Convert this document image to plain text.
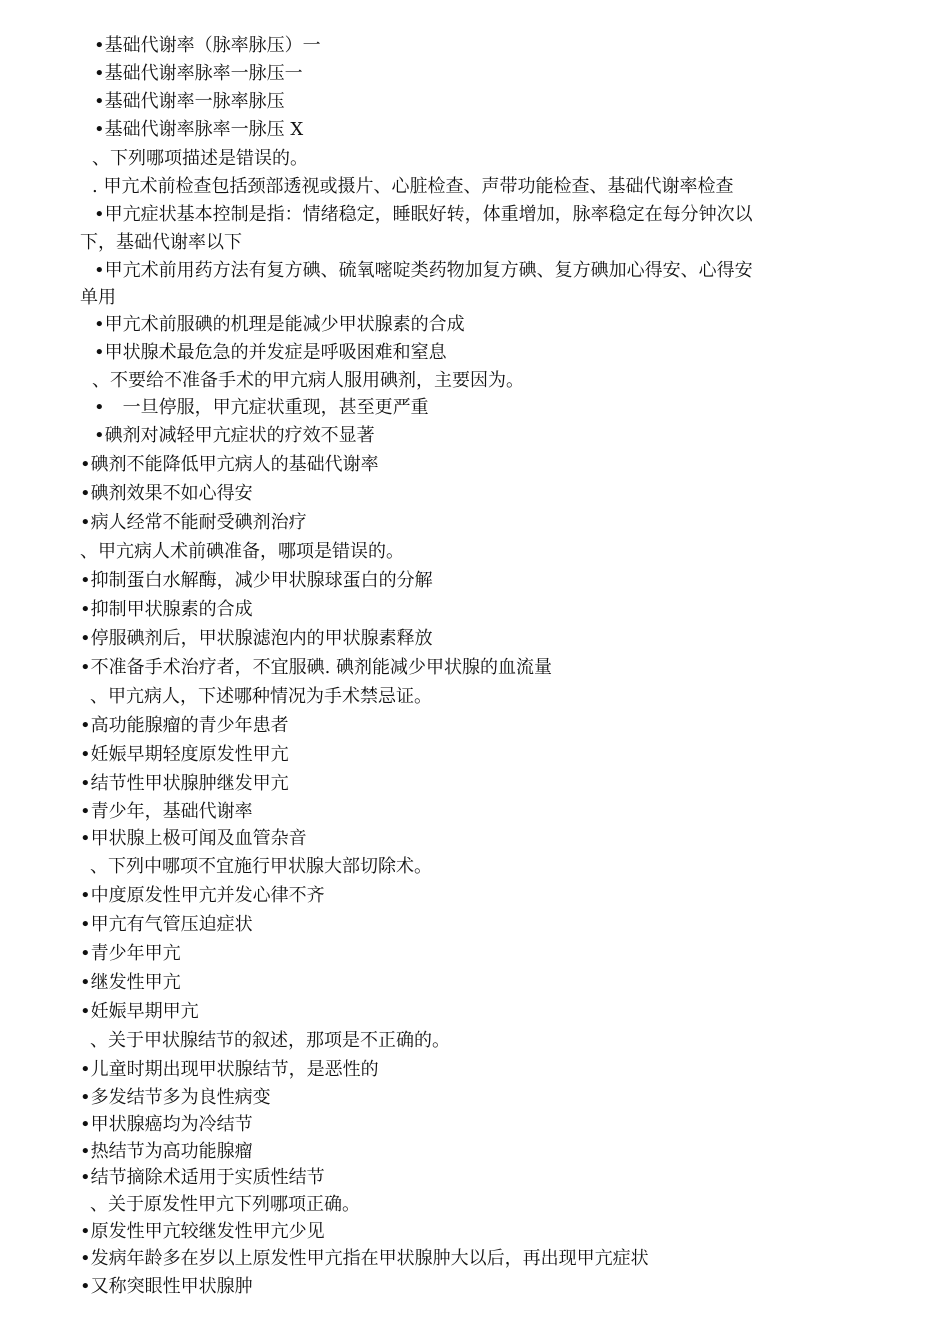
•基础代谢率（脉率脉压）一
•基础代谢率脉率一脉压一
•基础代谢率一脉率脉压
•基础代谢率脉率一脉压 X
、下列哪项描述是错误的。
. 甲亢术前检查包括颈部透视或摄片、心脏检查、声带功能检查、基础代谢率检查
•甲亢症状基本控制是指：情绪稳定，睡眠好转，体重增加，脉率稳定在每分钟次以
下，基础代谢率以下
•甲亢术前用药方法有复方碘、硫氧嘧啶类药物加复方碘、复方碘加心得安、心得安
单用
•甲亢术前服碘的机理是能减少甲状腺素的合成
•甲状腺术最危急的并发症是呼吸困难和窒息
、不要给不准备手术的甲亢病人服用碘剂，主要因为。
•　一旦停服，甲亢症状重现，甚至更严重
•碘剂对减轻甲亢症状的疗效不显著
•碘剂不能降低甲亢病人的基础代谢率
•碘剂效果不如心得安
•病人经常不能耐受碘剂治疗
、甲亢病人术前碘准备，哪项是错误的。
•抑制蛋白水解酶，减少甲状腺球蛋白的分解
•抑制甲状腺素的合成
•停服碘剂后，甲状腺滤泡内的甲状腺素释放
•不准备手术治疗者，不宜服碘. 碘剂能减少甲状腺的血流量
、甲亢病人，下述哪种情况为手术禁忌证。
•高功能腺瘤的青少年患者
•妊娠早期轻度原发性甲亢
•结节性甲状腺肿继发甲亢
•青少年，基础代谢率
•甲状腺上极可闻及血管杂音
、下列中哪项不宜施行甲状腺大部切除术。
•中度原发性甲亢并发心律不齐
•甲亢有气管压迫症状
•青少年甲亢
•继发性甲亢
•妊娠早期甲亢
、关于甲状腺结节的叙述，那项是不正确的。
•儿童时期出现甲状腺结节，是恶性的
•多发结节多为良性病变
•甲状腺癌均为冷结节
•热结节为高功能腺瘤
•结节摘除术适用于实质性结节
、关于原发性甲亢下列哪项正确。
•原发性甲亢较继发性甲亢少见
•发病年龄多在岁以上原发性甲亢指在甲状腺肿大以后，再出现甲亢症状
•又称突眼性甲状腺肿
